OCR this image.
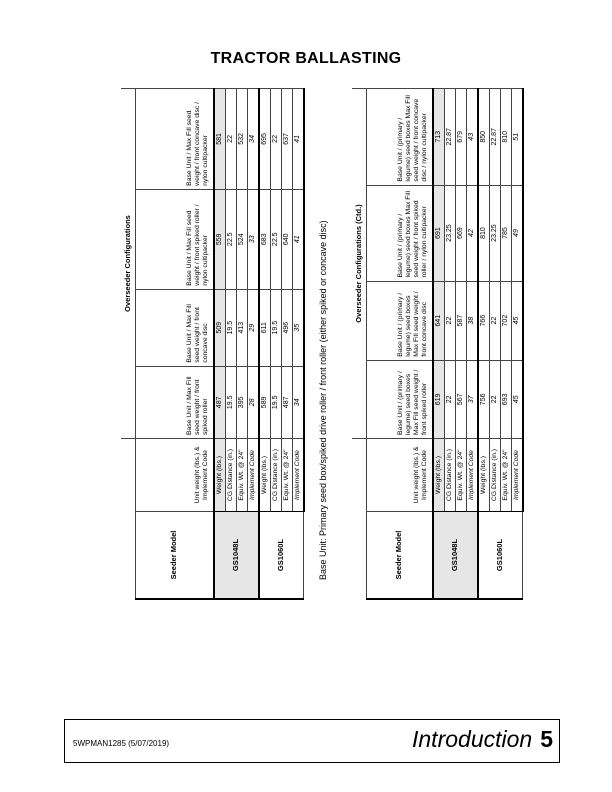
TRACTOR BALLASTING
		Overseeder Configurations			
Seeder Model	Unit weight (lbs.) & Implement Code	Base Unit / Max Fill seed weight / front spiked roller	Base Unit / Max Fill seed weight / front concave disc	Base Unit / Max Fill seed weight / front spiked roller / nylon cultipacker	Base Unit / Max Fill seed weight / front concave disc / nylon cultipacker
GS1048L	Weight (lbs.)	487	509	559	581
	CG Distance (in.)	19.5	19.5	22.5	22
	Equiv. Wt. @ 24"	395	413	524	532
	Implement Code	28	29	33	34
GS1060L	Weight (lbs.)	589	611	683	695
	CG Distance (in.)	19.5	19.5	22.5	22
	Equiv. Wt. @ 24"	487	496	640	637
	Implement Code	34	35	41	41
Base Unit: Primary seed box/spiked drive roller / front roller (either spiked or concave disc)
			Overseeder Configurations (Ctd.)			
Seeder Model	Unit weight (lbs.) & Implement Code	Base Unit / (primary / legume) seed boxes Max Fill seed weight / front spiked roller	Base Unit / (primary / legume) seed boxes Max Fill seed weight / front concave disc	Base Unit / (primary / legume) seed boxes Max Fill seed weight / front spiked roller / nylon cultipacker	Base Unit / (primary / legume) seed boxes Max Fill seed weight / front concave disc / nylon cultipacker
GS1048L	Weight (lbs.)	619	641	691	713
	CG Distance (in.)	22	22	23.25	22.87
	Equiv. Wt. @ 24"	567	587	669	679
	Implement Code	37	38	42	43
GS1060L	Weight (lbs.)	756	766	810	850
	CG Distance (in.)	22	22	23.25	22.87
	Equiv. Wt. @ 24"	693	702	785	810
	Implement Code	45	45	49	51
5WPMAN1285 (5/07/2019)	Introduction 5
